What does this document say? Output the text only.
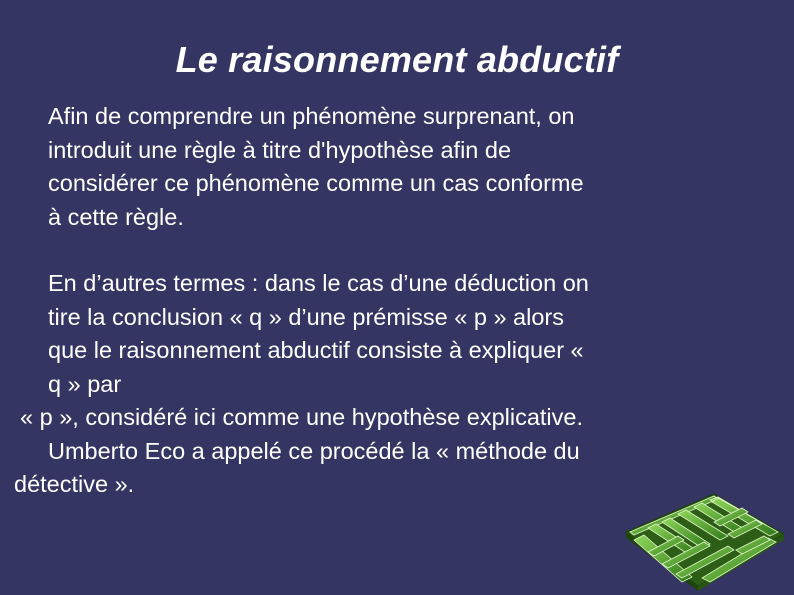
Le raisonnement abductif

Afin de comprendre un phénomène surprenant, on
introduit une règle à titre d'hypothèse afin de
considérer ce phénomène comme un cas conforme
à cette règle.

En d’autres termes : dans le cas d’une déduction on
tire la conclusion « q » d’une prémisse « p » alors
que le raisonnement abductif consiste à expliquer «
q » par
« p », considéré ici comme une hypothèse explicative.
Umberto Eco a appelé ce procédé la « méthode du
détective ».
